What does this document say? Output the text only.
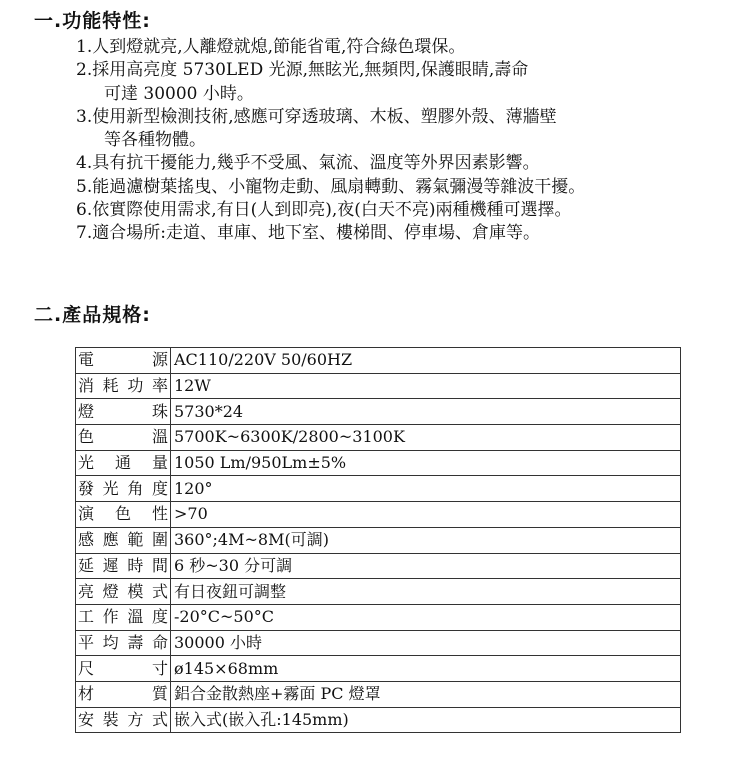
一.功能特性:
1.人到燈就亮,人離燈就熄,節能省電,符合綠色環保。
2.採用高亮度 5730LED 光源,無眩光,無頻閃,保護眼睛,壽命
可達 30000 小時。
3.使用新型檢測技術,感應可穿透玻璃、木板、塑膠外殼、薄牆壁
等各種物體。
4.具有抗干擾能力,幾乎不受風、氣流、溫度等外界因素影響。
5.能過濾樹葉搖曳、小寵物走動、風扇轉動、霧氣彌漫等雜波干擾。
6.依實際使用需求,有日(人到即亮),夜(白天不亮)兩種機種可選擇。
7.適合場所:走道、車庫、地下室、樓梯間、停車場、倉庫等。
二.產品規格:
電 源	AC110/220V 50/60HZ

消 耗 功 率	12W

燈 珠	5730*24

色 溫	5700K~6300K/2800~3100K

光 通 量	1050 Lm/950Lm±5%

發 光 角 度	120°

演 色 性	>70

感 應 範 圍	360°;4M~8M(可調)

延 遲 時 間	6 秒~30 分可調

亮 燈 模 式	有日夜鈕可調整

工 作 溫 度	-20°C~50°C

平 均 壽 命	30000 小時

尺 寸	ø145×68mm

材 質	鋁合金散熱座+霧面 PC 燈罩

安 裝 方 式	嵌入式(嵌入孔:145mm)
